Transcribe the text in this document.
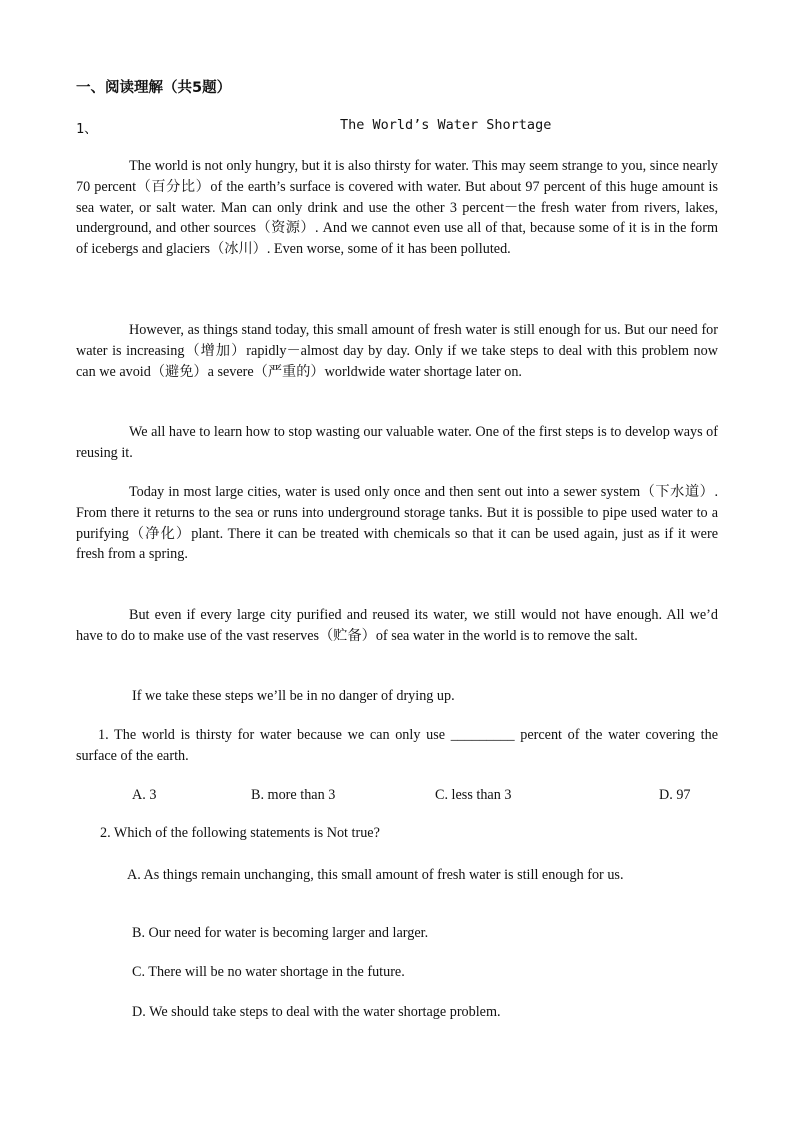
一、阅读理解（共5题）
1、	The World’s Water Shortage

The world is not only hungry, but it is also thirsty for water. This may seem strange to you, since nearly 70 percent（百分比）of the earth’s surface is covered with water. But about 97 percent of this huge amount is sea water, or salt water. Man can only drink and use the other 3 percent－the fresh water from rivers, lakes, underground, and other sources（资源）. And we cannot even use all of that, because some of it is in the form of icebergs and glaciers（冰川）. Even worse, some of it has been polluted.

However, as things stand today, this small amount of fresh water is still enough for us. But our need for water is increasing（增加）rapidly－almost day by day. Only if we take steps to deal with this problem now can we avoid（避免）a severe（严重的）worldwide water shortage later on.

We all have to learn how to stop wasting our valuable water. One of the first steps is to develop ways of reusing it.

Today in most large cities, water is used only once and then sent out into a sewer system（下水道）. From there it returns to the sea or runs into underground storage tanks. But it is possible to pipe used water to a purifying（净化）plant. There it can be treated with chemicals so that it can be used again, just as if it were fresh from a spring.

But even if every large city purified and reused its water, we still would not have enough. All we’d have to do to make use of the vast reserves（贮备）of sea water in the world is to remove the salt.

If we take these steps we’ll be in no danger of drying up.

1. The world is thirsty for water because we can only use _________ percent of the water covering the surface of the earth.

A. 3	B. more than 3	C. less than 3	D. 97
2. Which of the following statements is Not true?

A. As things remain unchanging, this small amount of fresh water is still enough for us.

B. Our need for water is becoming larger and larger.
C. There will be no water shortage in the future.
D. We should take steps to deal with the water shortage problem.
